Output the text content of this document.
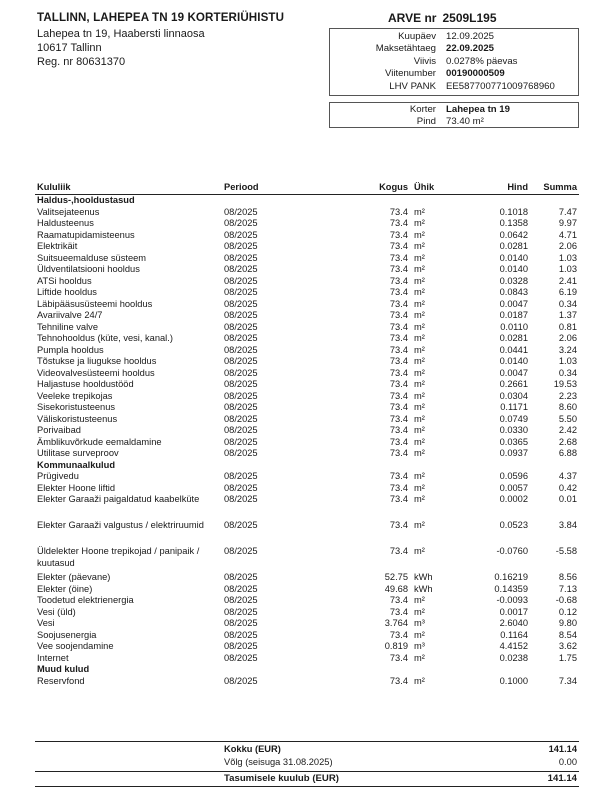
TALLINN, LAHEPEA TN 19 KORTERIÜHISTU
Lahepea tn 19, Haabersti linnaosa
10617 Tallinn
Reg. nr 80631370
ARVE nr 2509L195
Kuupäev 12.09.2025
Maksetähtaeg 22.09.2025
Viivis 0.0278% päevas
Viitenumber 00190000509
LHV PANK EE587700771009768960
Korter Lahepea tn 19
Pind 73.40 m²
Kululiik	Periood	Kogus	Ühik	Hind	Summa
Haldus-,hooldustasud					
Valitsejateenus	08/2025	73.4	m²	0.1018	7.47
Haldusteenus	08/2025	73.4	m²	0.1358	9.97
Raamatupidamisteenus	08/2025	73.4	m²	0.0642	4.71
Elektrikäit	08/2025	73.4	m²	0.0281	2.06
Suitsueemalduse süsteem	08/2025	73.4	m²	0.0140	1.03
Üldventilatsiooni hooldus	08/2025	73.4	m²	0.0140	1.03
ATSi hooldus	08/2025	73.4	m²	0.0328	2.41
Liftide hooldus	08/2025	73.4	m²	0.0843	6.19
Läbipääsusüsteemi hooldus	08/2025	73.4	m²	0.0047	0.34
Avariivalve 24/7	08/2025	73.4	m²	0.0187	1.37
Tehniline valve	08/2025	73.4	m²	0.0110	0.81
Tehnohooldus (küte, vesi, kanal.)	08/2025	73.4	m²	0.0281	2.06
Pumpla hooldus	08/2025	73.4	m²	0.0441	3.24
Tõstukse ja liugukse hooldus	08/2025	73.4	m²	0.0140	1.03
Videovalvesüsteemi hooldus	08/2025	73.4	m²	0.0047	0.34
Haljastuse hooldustööd	08/2025	73.4	m²	0.2661	19.53
Veeleke trepikojas	08/2025	73.4	m²	0.0304	2.23
Sisekoristusteenus	08/2025	73.4	m²	0.1171	8.60
Väliskoristusteenus	08/2025	73.4	m²	0.0749	5.50
Porivaibad	08/2025	73.4	m²	0.0330	2.42
Ämblikuvõrkude eemaldamine	08/2025	73.4	m²	0.0365	2.68
Utilitase surveproov	08/2025	73.4	m²	0.0937	6.88
Kommunaalkulud					
Prügivedu	08/2025	73.4	m²	0.0596	4.37
Elekter Hoone liftid	08/2025	73.4	m²	0.0057	0.42
Elekter Garaaži paigaldatud kaabelküte	08/2025	73.4	m²	0.0002	0.01
Elekter Garaaži valgustus / elektriruumid	08/2025	73.4	m²	0.0523	3.84
Üldelekter Hoone trepikojad / panipaik / kuutasud	08/2025	73.4	m²	-0.0760	-5.58
Elekter (päevane)	08/2025	52.75	kWh	0.16219	8.56
Elekter (öine)	08/2025	49.68	kWh	0.14359	7.13
Toodetud elektrienergia	08/2025	73.4	m²	-0.0093	-0.68
Vesi (üld)	08/2025	73.4	m²	0.0017	0.12
Vesi	08/2025	3.764	m³	2.6040	9.80
Soojusenergia	08/2025	73.4	m²	0.1164	8.54
Vee soojendamine	08/2025	0.819	m³	4.4152	3.62
Internet	08/2025	73.4	m²	0.0238	1.75
Muud kulud					
Reservfond	08/2025	73.4	m²	0.1000	7.34
Kokku (EUR)	141.14
Võlg (seisuga 31.08.2025)	0.00
Tasumisele kuulub (EUR)	141.14
